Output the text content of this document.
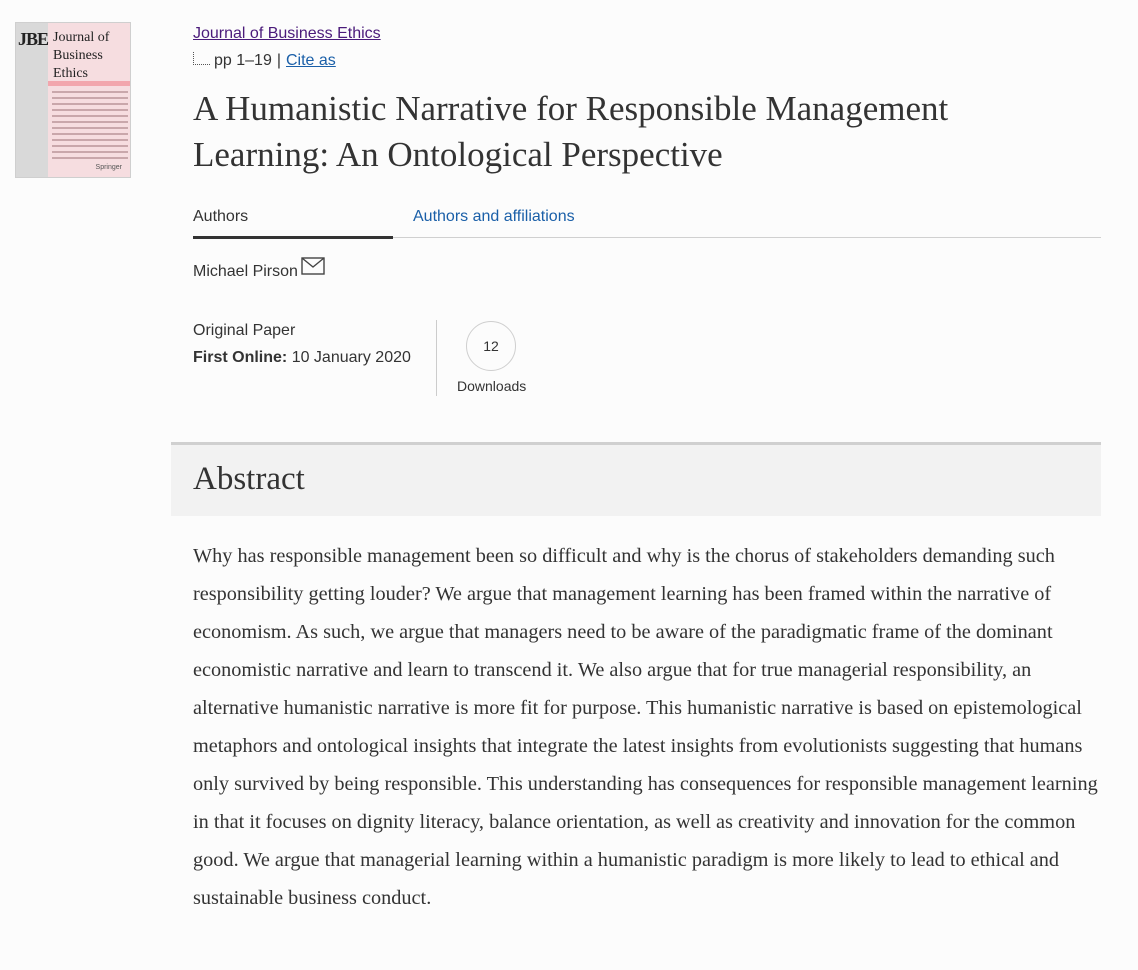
JBE Journal of
Business
Ethics
Springer
Journal of Business Ethics
pp 1–19 | Cite as
A Humanistic Narrative for Responsible Management Learning: An Ontological Perspective
Authors	Authors and affiliations
Michael Pirson
Original Paper
First Online: 10 January 2020
12
Downloads
Abstract

Why has responsible management been so difficult and why is the chorus of stakeholders demanding such responsibility getting louder? We argue that management learning has been framed within the narrative of economism. As such, we argue that managers need to be aware of the paradigmatic frame of the dominant economistic narrative and learn to transcend it. We also argue that for true managerial responsibility, an alternative humanistic narrative is more fit for purpose. This humanistic narrative is based on epistemological metaphors and ontological insights that integrate the latest insights from evolutionists suggesting that humans only survived by being responsible. This understanding has consequences for responsible management learning in that it focuses on dignity literacy, balance orientation, as well as creativity and innovation for the common good. We argue that managerial learning within a humanistic paradigm is more likely to lead to ethical and sustainable business conduct.
